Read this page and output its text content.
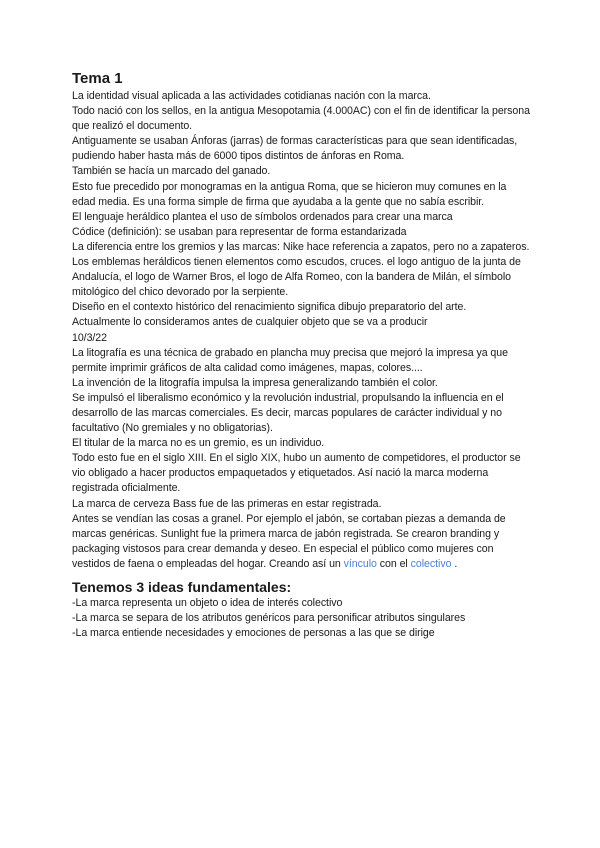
Tema 1

La identidad visual aplicada a las actividades cotidianas nación con la marca.

Todo nació con los sellos, en la antigua Mesopotamia (4.000AC) con el fin de identificar la persona que realizó el documento.

Antiguamente se usaban Ánforas (jarras) de formas características para que sean identificadas, pudiendo haber hasta más de 6000 tipos distintos de ánforas en Roma.

También se hacía un marcado del ganado.

Esto fue precedido por monogramas en la antigua Roma, que se hicieron muy comunes en la edad media. Es una forma simple de firma que ayudaba a la gente que no sabía escribir.

El lenguaje heráldico plantea el uso de símbolos ordenados para crear una marca

Códice (definición): se usaban para representar de forma estandarizada

La diferencia entre los gremios y las marcas: Nike hace referencia a zapatos, pero no a zapateros.

Los emblemas heráldicos tienen elementos como escudos, cruces. el logo antiguo de la junta de Andalucía, el logo de Warner Bros, el logo de Alfa Romeo, con la bandera de Milán, el símbolo mitológico del chico devorado por la serpiente.

Diseño en el contexto histórico del renacimiento significa dibujo preparatorio del arte.

Actualmente lo consideramos antes de cualquier objeto que se va a producir

10/3/22

La litografía es una técnica de grabado en plancha muy precisa que mejoró la impresa ya que permite imprimir gráficos de alta calidad como imágenes, mapas, colores....

La invención de la litografía impulsa la impresa generalizando también el color.

Se impulsó el liberalismo económico y la revolución industrial, propulsando la influencia en el desarrollo de las marcas comerciales. Es decir, marcas populares de carácter individual y no facultativo (No gremiales y no obligatorias).

El titular de la marca no es un gremio, es un individuo.

Todo esto fue en el siglo XIII. En el siglo XIX, hubo un aumento de competidores, el productor se vio obligado a hacer productos empaquetados y etiquetados. Así nació la marca moderna registrada oficialmente.

La marca de cerveza Bass fue de las primeras en estar registrada.

Antes se vendían las cosas a granel. Por ejemplo el jabón, se cortaban piezas a demanda de marcas genéricas. Sunlight fue la primera marca de jabón registrada. Se crearon branding y packaging vistosos para crear demanda y deseo. En especial el público como mujeres con vestidos de faena o empleadas del hogar. Creando así un vínculo con el colectivo .

Tenemos 3 ideas fundamentales:

-La marca representa un objeto o idea de interés colectivo

-La marca se separa de los atributos genéricos para personificar atributos singulares

-La marca entiende necesidades y emociones de personas a las que se dirige
